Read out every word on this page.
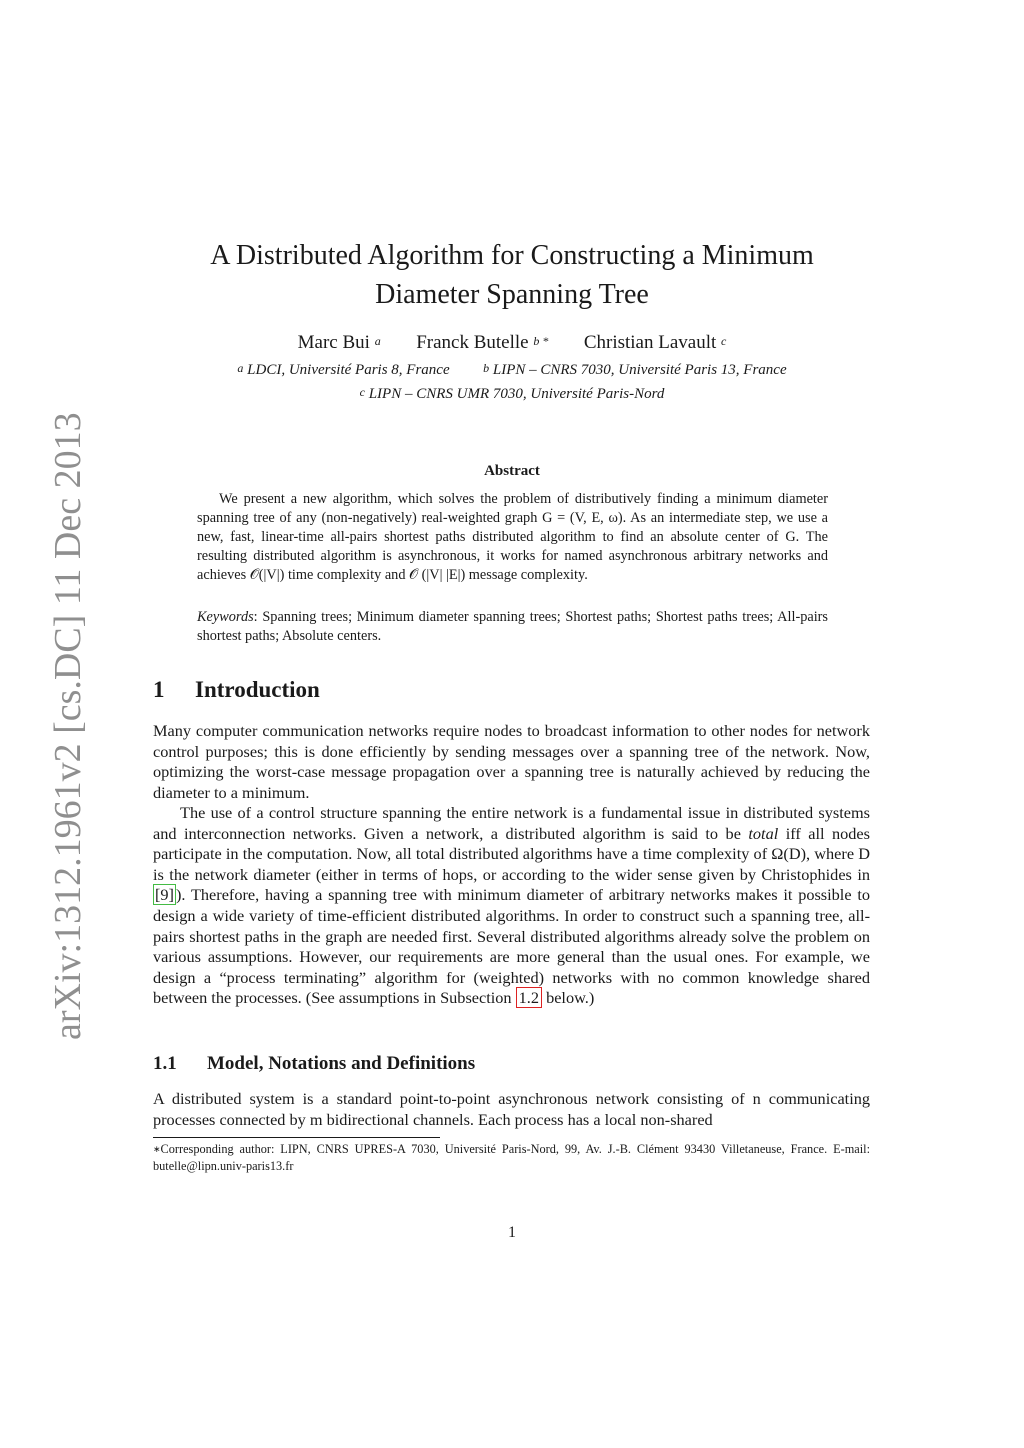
arXiv:1312.1961v2 [cs.DC] 11 Dec 2013
A Distributed Algorithm for Constructing a Minimum
Diameter Spanning Tree
Marc Bui $^a$ Franck Butelle $^{b *}$ Christian Lavault $^c$
$^a$ LDCI, Université Paris 8, France	$^b$ LIPN – CNRS 7030, Université Paris 13, France
$^c$ LIPN – CNRS UMR 7030, Université Paris-Nord
Abstract
We present a new algorithm, which solves the problem of distributively finding a minimum diameter spanning tree of any (non-negatively) real-weighted graph G = (V, E, ω). As an intermediate step, we use a new, fast, linear-time all-pairs shortest paths distributed algorithm to find an absolute center of G. The resulting distributed algorithm is asynchronous, it works for named asynchronous arbitrary networks and achieves 𝒪(|V|) time complexity and 𝒪 (|V| |E|) message complexity.
Keywords: Spanning trees; Minimum diameter spanning trees; Shortest paths; Shortest paths trees; All-pairs shortest paths; Absolute centers.
1 Introduction
Many computer communication networks require nodes to broadcast information to other nodes for network control purposes; this is done efficiently by sending messages over a spanning tree of the network. Now, optimizing the worst-case message propagation over a spanning tree is naturally achieved by reducing the diameter to a minimum.
The use of a control structure spanning the entire network is a fundamental issue in distributed systems and interconnection networks. Given a network, a distributed algorithm is said to be total iff all nodes participate in the computation. Now, all total distributed algorithms have a time complexity of Ω(D), where D is the network diameter (either in terms of hops, or according to the wider sense given by Christophides in [9] ). Therefore, having a spanning tree with minimum diameter of arbitrary networks makes it possible to design a wide variety of time-efficient distributed algorithms. In order to construct such a spanning tree, all-pairs shortest paths in the graph are needed first. Several distributed algorithms already solve the problem on various assumptions. However, our requirements are more general than the usual ones. For example, we design a “process terminating” algorithm for (weighted) networks with no common knowledge shared between the processes. (See assumptions in Subsection 1.2 below.)
1.1 Model, Notations and Definitions
A distributed system is a standard point-to-point asynchronous network consisting of n communicating processes connected by m bidirectional channels. Each process has a local non-shared
∗Corresponding author: LIPN, CNRS UPRES-A 7030, Université Paris-Nord, 99, Av. J.-B. Clément 93430 Villetaneuse, France. E-mail: butelle@lipn.univ-paris13.fr
1
